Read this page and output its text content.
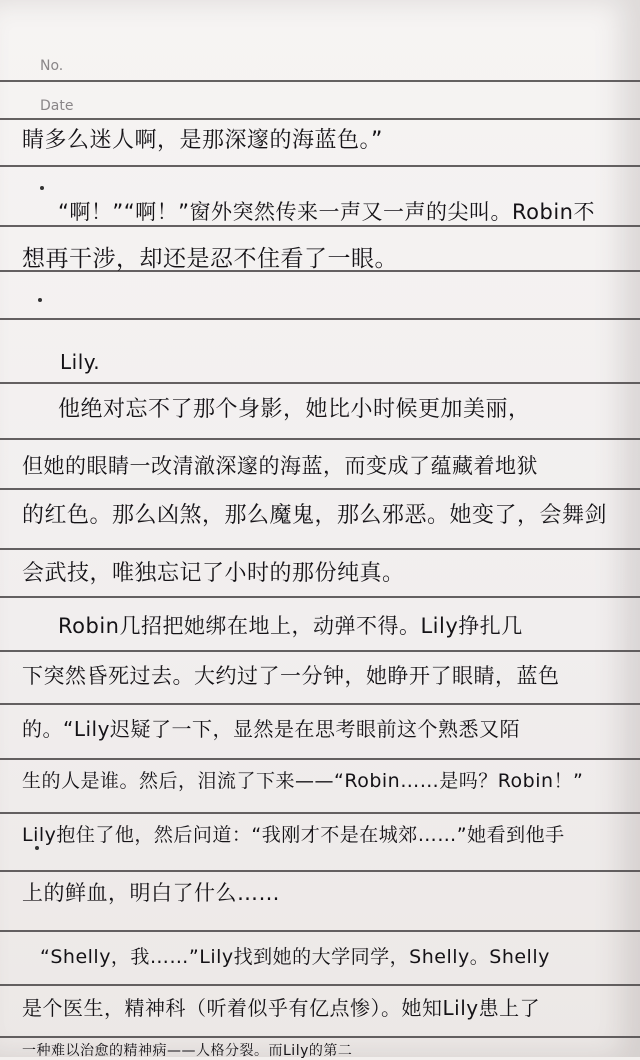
No.
Date
睛多么迷人啊，是那深邃的海蓝色。”
“啊！”“啊！”窗外突然传来一声又一声的尖叫。Robin不
想再干涉，却还是忍不住看了一眼。
Lily.
他绝对忘不了那个身影，她比小时候更加美丽，
但她的眼睛一改清澈深邃的海蓝，而变成了蕴藏着地狱
的红色。那么凶煞，那么魔鬼，那么邪恶。她变了，会舞剑
会武技，唯独忘记了小时的那份纯真。
Robin几招把她绑在地上，动弹不得。Lily挣扎几
下突然昏死过去。大约过了一分钟，她睁开了眼睛，蓝色
的。“Lily迟疑了一下，显然是在思考眼前这个熟悉又陌
生的人是谁。然后，泪流了下来——“Robin……是吗？Robin！”
Lily抱住了他，然后问道：“我刚才不是在城郊……”她看到他手
上的鲜血，明白了什么……
“Shelly，我……”Lily找到她的大学同学，Shelly。Shelly
是个医生，精神科（听着似乎有亿点惨）。她知Lily患上了
一种难以治愈的精神病——人格分裂。而Lily的第二
